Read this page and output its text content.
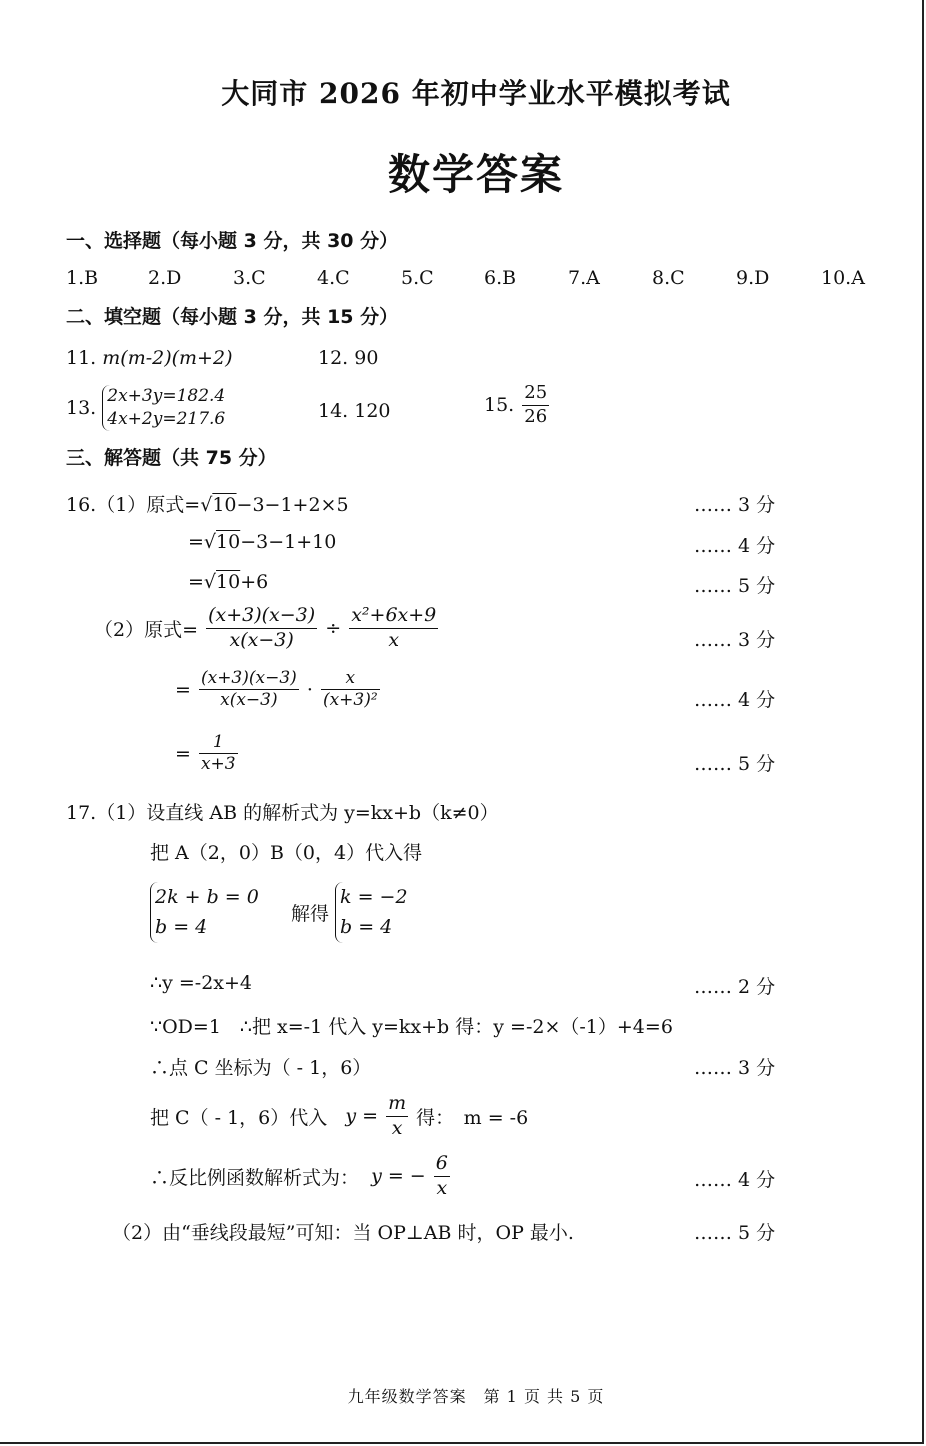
大同市 2026 年初中学业水平模拟考试
数学答案
一、选择题（每小题 3 分，共 30 分）
1.B	2.D	3.C	4.C	5.C	6.B	7.A	8.C	9.D	10.A
二、填空题（每小题 3 分，共 15 分）
11. m(m-2)(m+2)	12. 90
13.
2x+3y=182.4
4x+2y=217.6	14. 120	15. $\frac{25}{26}$
三、解答题（共 75 分）
16.（1）原式=√10−3−1+2×5	…… 3 分
=√10−3−1+10	…… 4 分
=√10+6	…… 5 分
（2）原式= $\frac{(x+3)(x-3)}{x(x-3)} \div \frac{\text{x²+6x+9}}{x}$	…… 3 分
= $\frac{(x+3)(x-3)}{x(x-3)} \cdot \frac{x}{\text{(x+3)²}}$	…… 4 分
= $\frac{1}{x+3}$	…… 5 分
17.（1）设直线 AB 的解析式为 y=kx+b（k≠0）
把 A（2，0）B（0，4）代入得
2k + b = 0
b = 4
解得
k = −2
b = 4
∴y =-2x+4	…… 2 分
∵OD=1　∴把 x=-1 代入 y=kx+b 得：y =-2×（-1）+4=6
∴点 C 坐标为（ - 1，6）	…… 3 分
把 C（ - 1，6）代入 $y = \frac{m}{x}$ 得：　m = -6
∴反比例函数解析式为： y = − $\frac{6}{x}$	…… 4 分
（2）由“垂线段最短”可知：当 OP⊥AB 时，OP 最小.	…… 5 分
九年级数学答案　第 1 页 共 5 页
